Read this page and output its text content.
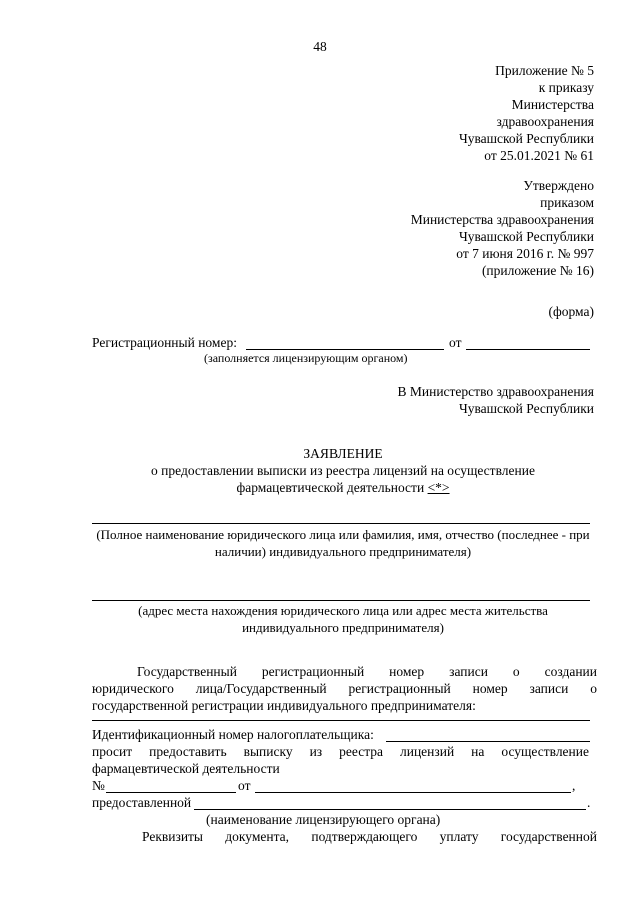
48
Приложение № 5
к приказу
Министерства
здравоохранения
Чувашской Республики
от 25.01.2021 № 61
Утверждено
приказом
Министерства здравоохранения
Чувашской Республики
от 7 июня 2016 г. № 997
(приложение № 16)
(форма)
Регистрационный номер:	от
(заполняется лицензирующим органом)
В Министерство здравоохранения
Чувашской Республики
ЗАЯВЛЕНИЕ
о предоставлении выписки из реестра лицензий на осуществление
фармацевтической деятельности <*>
(Полное наименование юридического лица или фамилия, имя, отчество (последнее - при
наличии) индивидуального предпринимателя)
(адрес места нахождения юридического лица или адрес места жительства
индивидуального предпринимателя)
Государственный регистрационный номер записи о создании
юридического лица/Государственный регистрационный номер записи о
государственной регистрации индивидуального предпринимателя:
Идентификационный номер налогоплательщика:
просит предоставить выписку из реестра лицензий на осуществление
фармацевтической деятельности
№	от	,
предоставленной	.
(наименование лицензирующего органа)
Реквизиты документа, подтверждающего уплату государственной
